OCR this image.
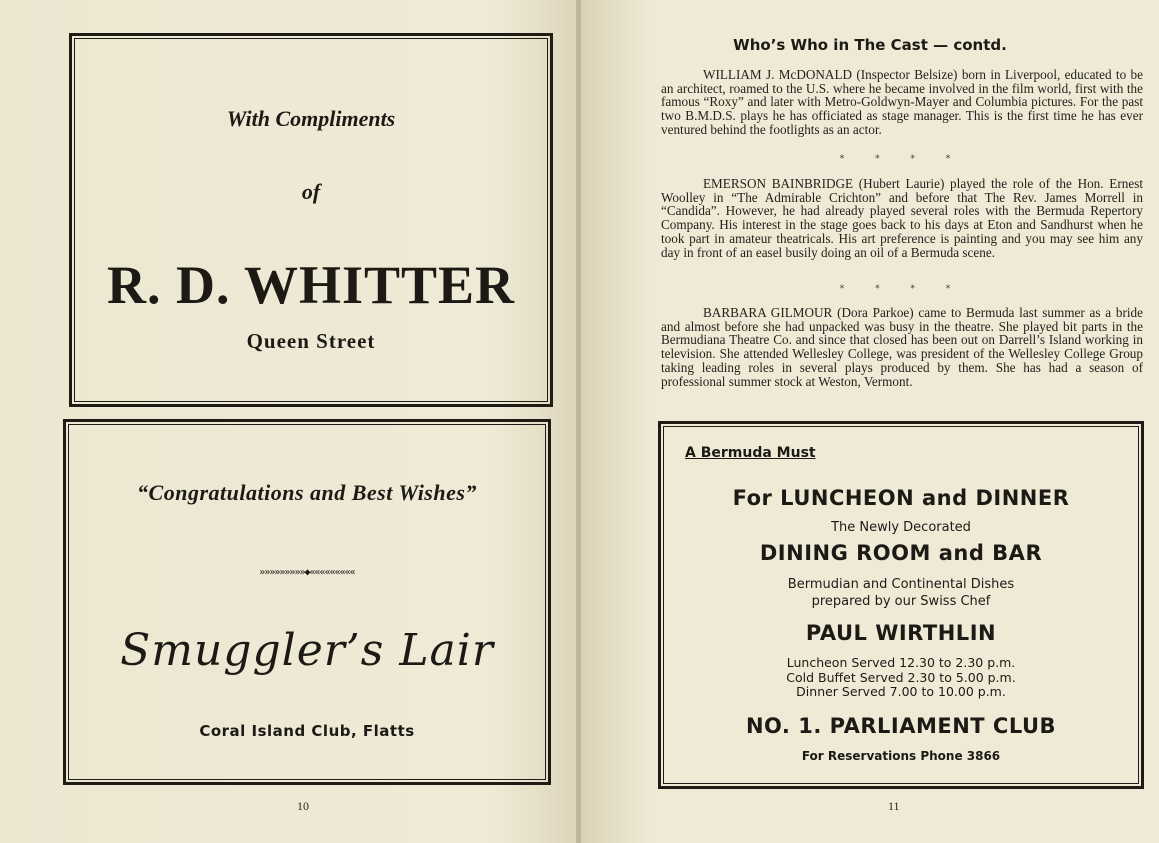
With Compliments
of
R. D. WHITTER
Queen Street
“Congratulations and Best Wishes”
»»»»»»»»»◆«««««««««
Smuggler’s Lair
Coral Island Club, Flatts
10
Who’s Who in The Cast — contd.

WILLIAM J. McDONALD (Inspector Belsize) born in Liverpool, educated to be an architect, roamed to the U.S. where he became involved in the film world, first with the famous “Roxy” and later with Metro-Goldwyn-Mayer and Columbia pictures. For the past two B.M.D.S. plays he has officiated as stage manager. This is the first time he has ever ventured behind the footlights as an actor.

* * * *

EMERSON BAINBRIDGE (Hubert Laurie) played the role of the Hon. Ernest Woolley in “The Admirable Crichton” and before that The Rev. James Morrell in “Candida”. However, he had already played several roles with the Bermuda Repertory Company. His interest in the stage goes back to his days at Eton and Sandhurst when he took part in amateur theatricals. His art preference is painting and you may see him any day in front of an easel busily doing an oil of a Bermuda scene.

* * * *

BARBARA GILMOUR (Dora Parkoe) came to Bermuda last summer as a bride and almost before she had unpacked was busy in the theatre. She played bit parts in the Bermudiana Theatre Co. and since that closed has been out on Darrell’s Island working in television. She attended Wellesley College, was president of the Wellesley College Group taking leading roles in several plays produced by them. She has had a season of professional summer stock at Weston, Vermont.

A Bermuda Must
For LUNCHEON and DINNER
The Newly Decorated
DINING ROOM and BAR
Bermudian and Continental Dishes
prepared by our Swiss Chef
PAUL WIRTHLIN
Luncheon Served 12.30 to 2.30 p.m.
Cold Buffet Served 2.30 to 5.00 p.m.
Dinner Served 7.00 to 10.00 p.m.
NO. 1. PARLIAMENT CLUB
For Reservations Phone 3866
11
